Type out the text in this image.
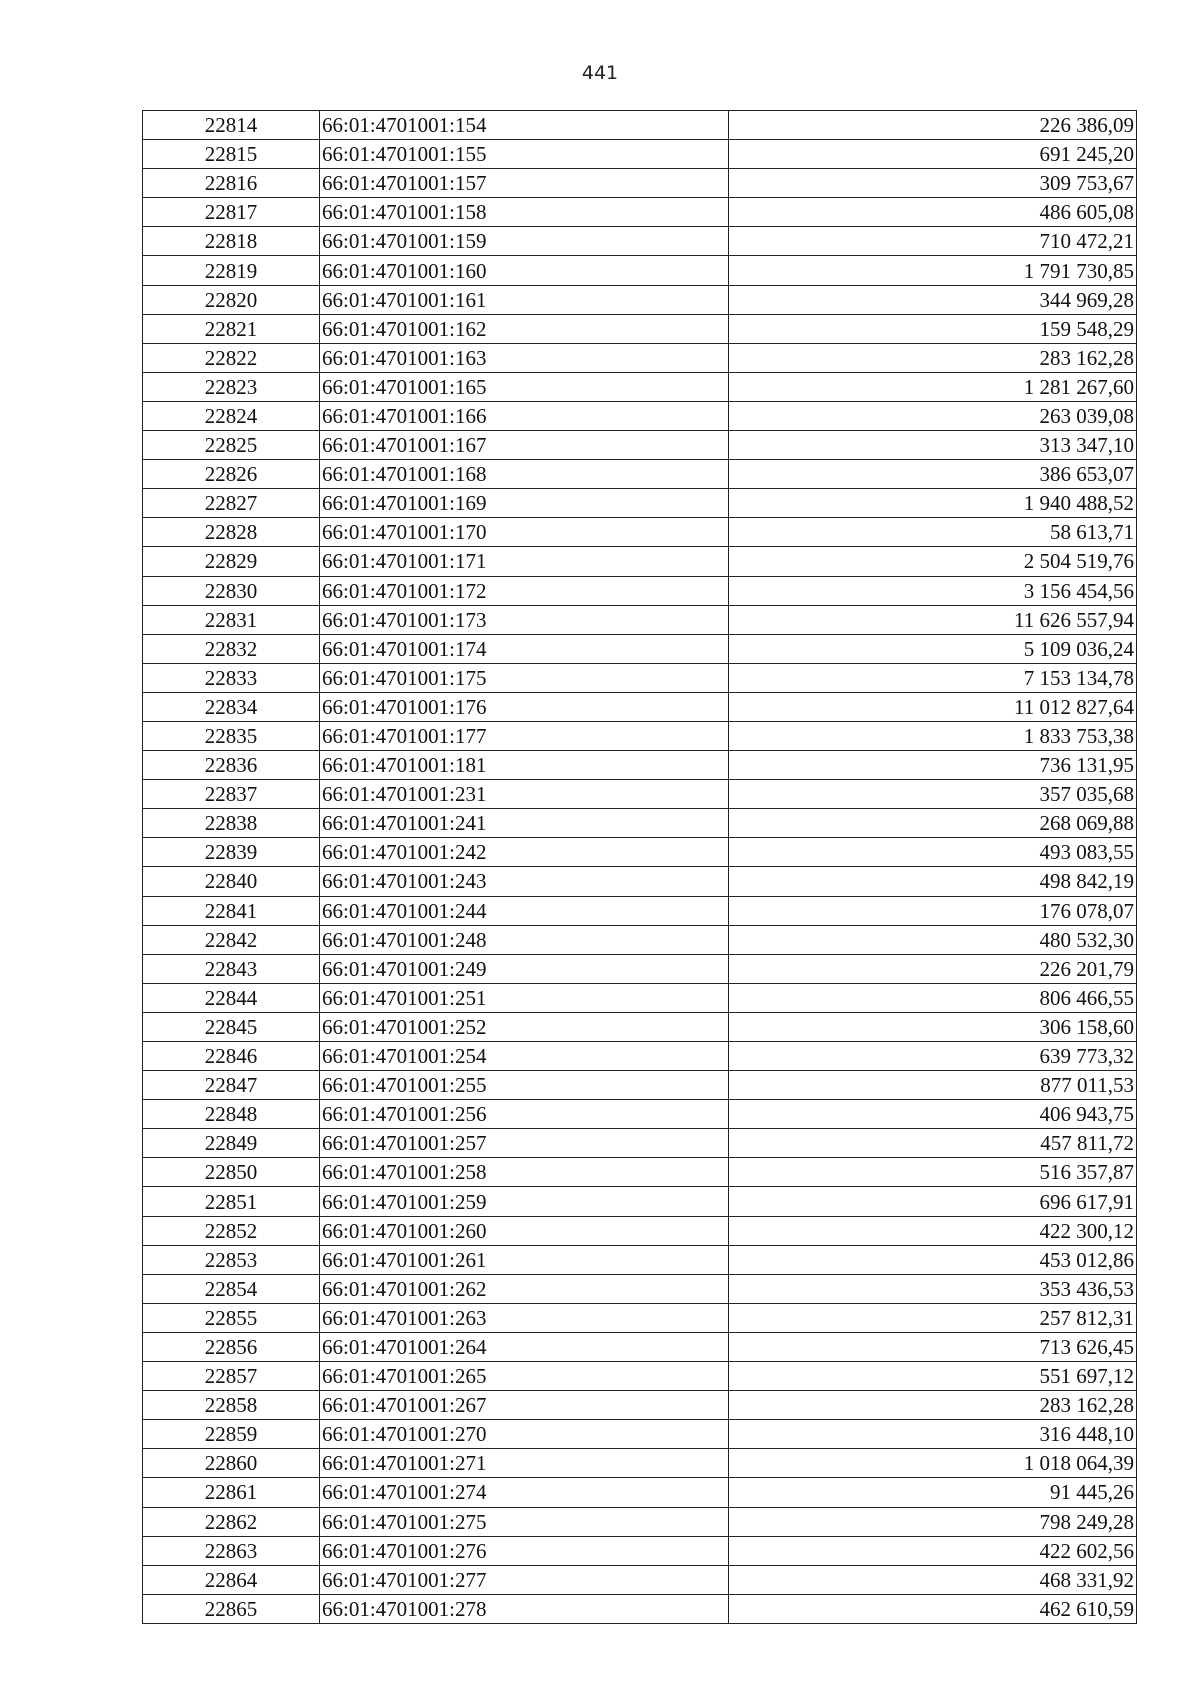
441
22814	66:01:4701001:154	226 386,09
22815	66:01:4701001:155	691 245,20
22816	66:01:4701001:157	309 753,67
22817	66:01:4701001:158	486 605,08
22818	66:01:4701001:159	710 472,21
22819	66:01:4701001:160	1 791 730,85
22820	66:01:4701001:161	344 969,28
22821	66:01:4701001:162	159 548,29
22822	66:01:4701001:163	283 162,28
22823	66:01:4701001:165	1 281 267,60
22824	66:01:4701001:166	263 039,08
22825	66:01:4701001:167	313 347,10
22826	66:01:4701001:168	386 653,07
22827	66:01:4701001:169	1 940 488,52
22828	66:01:4701001:170	58 613,71
22829	66:01:4701001:171	2 504 519,76
22830	66:01:4701001:172	3 156 454,56
22831	66:01:4701001:173	11 626 557,94
22832	66:01:4701001:174	5 109 036,24
22833	66:01:4701001:175	7 153 134,78
22834	66:01:4701001:176	11 012 827,64
22835	66:01:4701001:177	1 833 753,38
22836	66:01:4701001:181	736 131,95
22837	66:01:4701001:231	357 035,68
22838	66:01:4701001:241	268 069,88
22839	66:01:4701001:242	493 083,55
22840	66:01:4701001:243	498 842,19
22841	66:01:4701001:244	176 078,07
22842	66:01:4701001:248	480 532,30
22843	66:01:4701001:249	226 201,79
22844	66:01:4701001:251	806 466,55
22845	66:01:4701001:252	306 158,60
22846	66:01:4701001:254	639 773,32
22847	66:01:4701001:255	877 011,53
22848	66:01:4701001:256	406 943,75
22849	66:01:4701001:257	457 811,72
22850	66:01:4701001:258	516 357,87
22851	66:01:4701001:259	696 617,91
22852	66:01:4701001:260	422 300,12
22853	66:01:4701001:261	453 012,86
22854	66:01:4701001:262	353 436,53
22855	66:01:4701001:263	257 812,31
22856	66:01:4701001:264	713 626,45
22857	66:01:4701001:265	551 697,12
22858	66:01:4701001:267	283 162,28
22859	66:01:4701001:270	316 448,10
22860	66:01:4701001:271	1 018 064,39
22861	66:01:4701001:274	91 445,26
22862	66:01:4701001:275	798 249,28
22863	66:01:4701001:276	422 602,56
22864	66:01:4701001:277	468 331,92
22865	66:01:4701001:278	462 610,59
